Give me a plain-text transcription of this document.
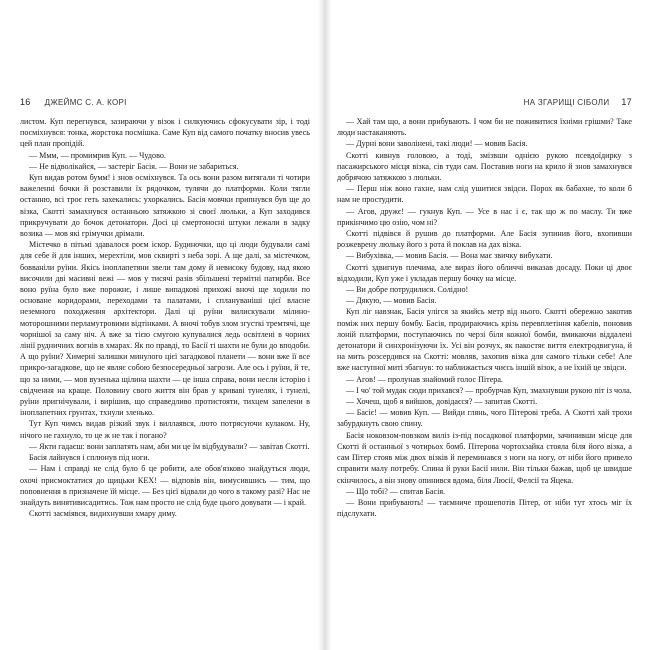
16 ДЖЕЙМС С. А. КОРІ

листом. Куп перегнувся, зазираючи у візок і силкуючись сфокусувати зір, і тоді посміхнувся: тонка, жорстока посмішка. Саме Куп від самого початку вносив увесь цей план пропідій.

— Ммм, — промимрив Куп. — Чудово.

— Не відволікайся, — застеріг Басія. — Вони не забариться.

Куп видав ротом бумм! і знов осміхнувся. Та ось вони разом витягали ті чотири важеленні бочки й розставили їх рядочком, тулячи до платформи. Коли тягли останню, всі троє геть захекались: ухоркались. Басія мовчки припнувся був ще до візка, Скотті замахнувся останньою затяжкою зі своєї люльки, а Куп заходився прикручувати до бочок детонатори. Досі ці смертоносні штуки лежали в задку возика — мов які грімучки дрімали.

Містечко в пітьмі здавалося роєм іскор. Будиночки, що ці люди будували самі для себе й для інших, мерехтіли, мов сквирті з неба зорі. А ще далі, за містечком, бовваніли руїни. Якісь іноплапетяни звели там дому й невисоку будову, над якою височили дві масивні вежі — мов у тисячі разів збільшені термітні патирби. Все воно руїна було вже порожнє, і лише випадкові прихожі вночі ще ходили по основане коридорами, переходами та палатами, і сплануваніші цієї власне неземного походження архітектори. Далі ці руїни вилискували мілино-моторошними перламутровими відтінками. А вночі тобув злом згусткі тремтячі, ще чорнішої за саму ніч. А вже за тією смугою купувалися ледь освітлені в чорних лінії рудничних вогнів в хмарах. Як по правді, то Басії ті шахти не були до вподоби. А що руїни? Химерні залишки минулого цієї загадкової планети — вони вже її все прикро-загадкове, що не являє собою безпосередньої загрози. Але ось і руїни, й те, що за ними, — мов вузенька щілина шахти — це інша справа, вони несли історію і свідчення на краще. Половину свого життя він брав у криваві тунелях, і тунелі, руїни пригнічували, і вирішив, що справедливо протистояти, тихцем запелени в іноплапетних грунтах, тхнули зленько.

Тут Куп чимсь видав різкий звук і виллаявся, люто потрясуючи кулаком. Ну, нічого не гахнуло, то це ж не так і погано?

— Якти гадаєш: вони заплатять нам, аби ми це їм відбудували? — завітав Скотті.

Басія лайнувся і сплюнув під ноги.

— Нам і справді не слід було б це робити, але обов'язково знайдуться люди, охочі присмоктатися до щицьки КЕХ! — відповів він, вимусившись — тим, що поповнення в призначене їй місце. — Без цієї відвали до чого в такому разі? Нас не знайдуть винятивисадитись. Тож нам просто не слід буде цього довувати — і край.

Скотті засміявся, видихнувши хмару диму.

НА ЗГАРИЩІ СІБОЛИ 17

— Хай там що, а вони прибувають. І чом би не поживитися їхніми грішми? Таке люди настаканяють.

— Дурні вони заволінені, такі люди! — мовив Басія.

Скотті кивнув головою, а тоді, змізвши однією рукою псевдоїдирку з пасажирського місця візка, сів туди сам. Поставив ноги на крило й знов замахнувся добрячою затяжкою з люльки.

— Перш ніж воно гахне, нам слід ушитися звідси. Порох як бабахне, то коли б нам не простудити.

— Агов, дружє! — гукнув Куп. — Усе в нас і є, так що ж по маслу. Ти вже прикінчимо цю озію, чом ні?

Скотті підвівся й рушив до платформи. Але Басія зупинив його, вхопивши розжеврену люльку його з рота й поклав на дах візка.

— Вибухівка, — мовив Басія. — Вона має звичку вибухати.

Скотті здвигнув плечима, але вираз його обличчі виказав досаду. Поки ці двоє відходили, Куп уже і укладав першу бочку на місце.

— Ви добре потрудилися. Солідно!

— Дякую, — мовив Басія.

Куп ліг навзнак, Басія улігся за якийсь метр від нього. Скотті обережно закотив поміж них першу бомбу. Басія, продираючись крізь перевплетіння кабелів, поновив лоній платформи, поступаючись по черзі біля кожної бомби, вмикаючи віддалені детонатори й синхронізуючи їх. Усі він розчух, як пакостяє виття електродвигуна, й на мить розсердився на Скотті: мовляв, захопив візка для самого тільки себе! Але вже наступної миті збагнув: то наближається чиєсь іншій візок, а не їхній це звідси.

— Агов! — пролунав знайомий голос Пітера.

— І чо' той мудак сюди прихався? — пробурчав Куп, змахнувши рукою піт із чола.

— Хочеш, щоб я вийшов, довідаєся? — запитав Скотті.

— Басіє! — мовив Куп. — Вийди глянь, чого Пітерові треба. А Скотті хай трохи забурдкнуть свою спину.

Басія ноковзом-повзком виліз із-під посадкової платформи, зачинивши місце для Скотті й останньої з чотирьох бомб. Пітерова чортохзайка стояла біля його візка, а сам Пітер стояв між двох візків й переминався з ноги на ногу, от ніби його привело справити малу потребу. Спина й руки Басії нили. Він тільки бажав, щоб це швидше скінчилось, а він знову опинився вдома, біля Люсії, Фелсії та Яцека.

— Що тобі? — спитав Басія.

— Вони прибувають! — таємниче прошепотів Пітер, от ніби тут хтось міг їх підслухати.
